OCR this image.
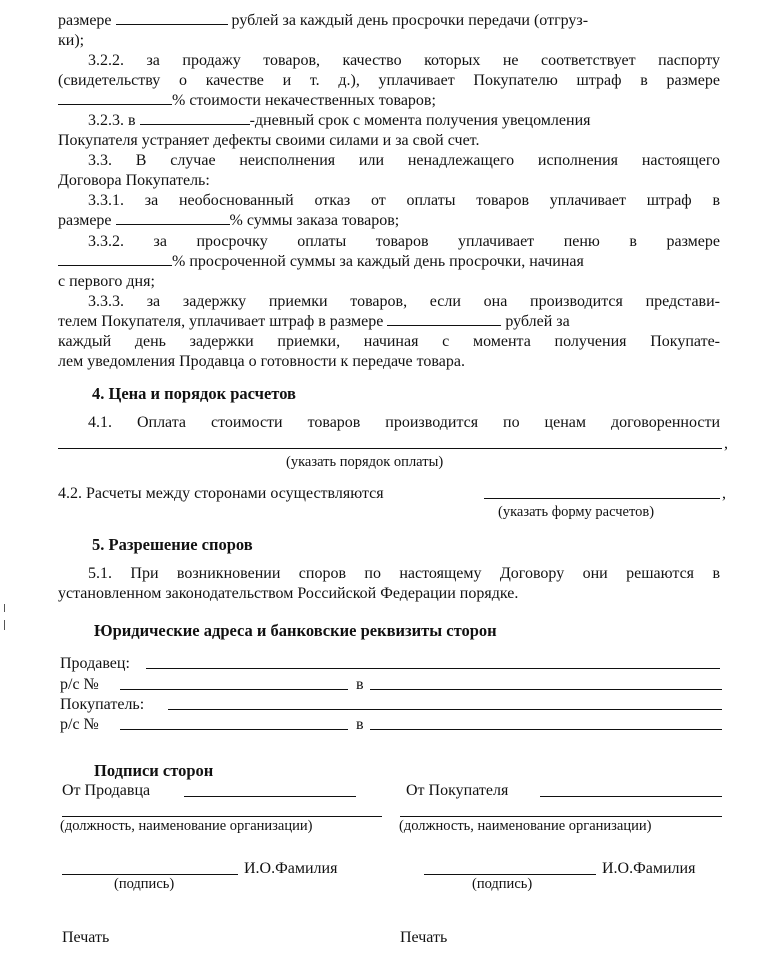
размере	рублей за каждый день просрочки передачи (отгруз-

ки);

3.2.2. за продажу товаров, качество которых не соответствует паспорту

(свидетельству о качестве и т. д.), уплачивает Покупателю штраф в размере

% стоимости некачественных товаров;

3.2.3. в	-дневный срок с момента получения увецомления

Покупателя устраняет дефекты своими силами и за свой счет.

3.3. В случае неисполнения или ненадлежащего исполнения настоящего

Договора Покупатель:

3.3.1. за необоснованный отказ от оплаты товаров уплачивает штраф в

размере	% суммы заказа товаров;

3.3.2. за просрочку оплаты товаров уплачивает пеню в размере

% просроченной суммы за каждый день просрочки, начиная

с первого дня;

3.3.3. за задержку приемки товаров, если она производится представи-

телем Покупателя, уплачивает штраф в размере	рублей за

каждый день задержки приемки, начиная с момента получения Покупате-

лем уведомления Продавца о готовности к передаче товара.

4. Цена и порядок расчетов

4.1. Оплата стоимости товаров производится по ценам договоренности

,
(указать порядок оплаты)

4.2. Расчеты между сторонами осуществляются	,
(указать форму расчетов)

5. Разрешение споров

5.1. При возникновении споров по настоящему Договору они решаются в

установленном законодательством Российской Федерации порядке.

Юридические адреса и банковские реквизиты сторон

Продавец:
р/с №	в
Покупатель:
р/с №	в

Подписи сторон

От Продавца	От Покупателя
(должность, наименование организации)	(должность, наименование организации)
И.О.Фамилия	И.О.Фамилия
(подпись)	(подпись)
Печать	Печать
